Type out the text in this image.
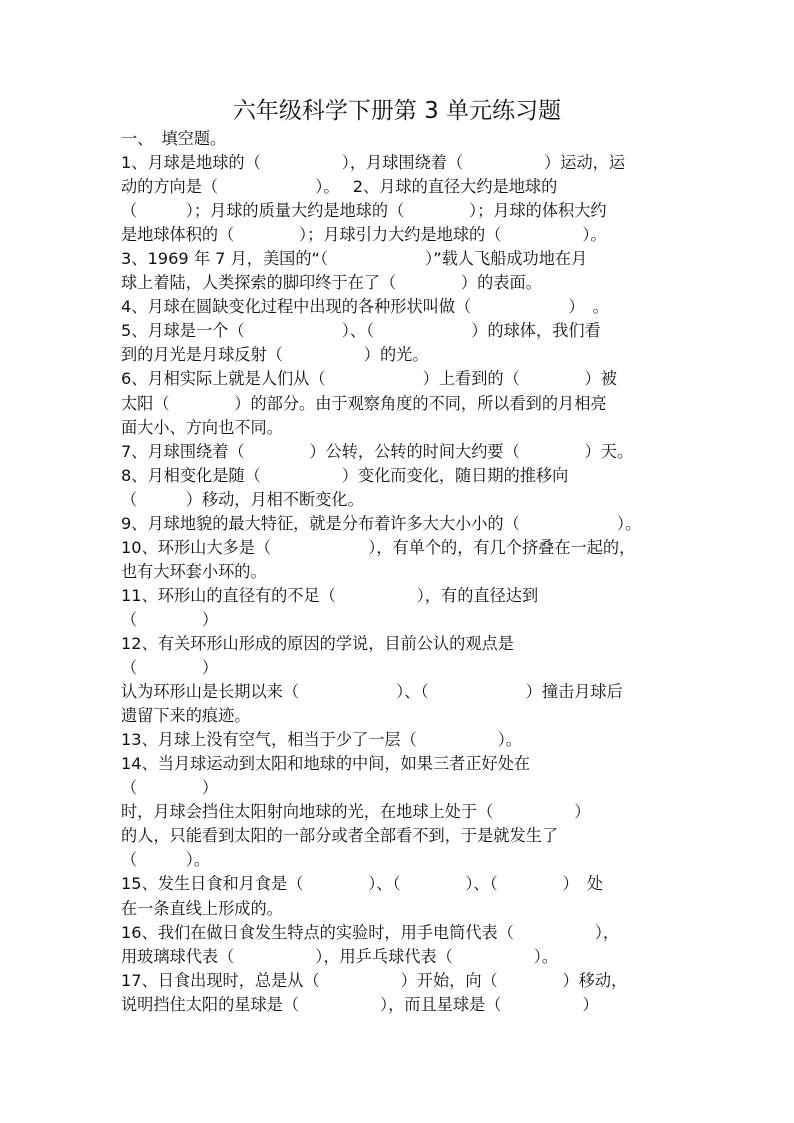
六年级科学下册第 3 单元练习题
一、　填空题。
1、月球是地球的（　　　　　），月球围绕着（　　　　　）运动，运
动的方向是（　　　　　　）。　 2、月球的直径大约是地球的
（　　　）；月球的质量大约是地球的（　　　　）；月球的体积大约
是地球体积的（　　　　）；月球引力大约是地球的（　　　　　）。
3、1969 年 7 月，美国的“（　　　　　　）”载人飞船成功地在月
球上着陆，人类探索的脚印终于在了（　　　　）的表面。
4、月球在圆缺变化过程中出现的各种形状叫做（　　　　　　）　。
5、月球是一个（　　　　　　）、（　　　　　　）的球体，我们看
到的月光是月球反射（　　　　　）的光。
6、月相实际上就是人们从（　　　　　　）上看到的（　　　　）被
太阳（　　　　）的部分。由于观察角度的不同，所以看到的月相亮
面大小、方向也不同。
7、月球围绕着（　　　　）公转，公转的时间大约要（　　　　）天。
8、月相变化是随（　　　　　）变化而变化，随日期的推移向
（　　　）移动，月相不断变化。
9、月球地貌的最大特征，就是分布着许多大大小小的（　　　　　　）。
10、环形山大多是（　　　　　　），有单个的，有几个挤叠在一起的，
也有大环套小环的。
11、环形山的直径有的不足（　　　　　），有的直径达到
（　　　　）
12、有关环形山形成的原因的学说，目前公认的观点是
（　　　　）
认为环形山是长期以来（　　　　　　）、（　　　　　　）撞击月球后
遗留下来的痕迹。
13、月球上没有空气，相当于少了一层（　　　　　）。
14、当月球运动到太阳和地球的中间，如果三者正好处在
（　　　　）
时，月球会挡住太阳射向地球的光，在地球上处于（　　　　　）
的人，只能看到太阳的一部分或者全部看不到，于是就发生了
（　　　）。
15、发生日食和月食是（　　　　）、（　　　　）、（　　　　）　处
在一条直线上形成的。
16、我们在做日食发生特点的实验时，用手电筒代表（　　　　　），
用玻璃球代表（　　　　　），用乒乓球代表（　　　　　）。
17、日食出现时，总是从（　　　　　）开始，向（　　　　）移动，
说明挡住太阳的星球是（　　　　　），而且星球是（　　　　　）
